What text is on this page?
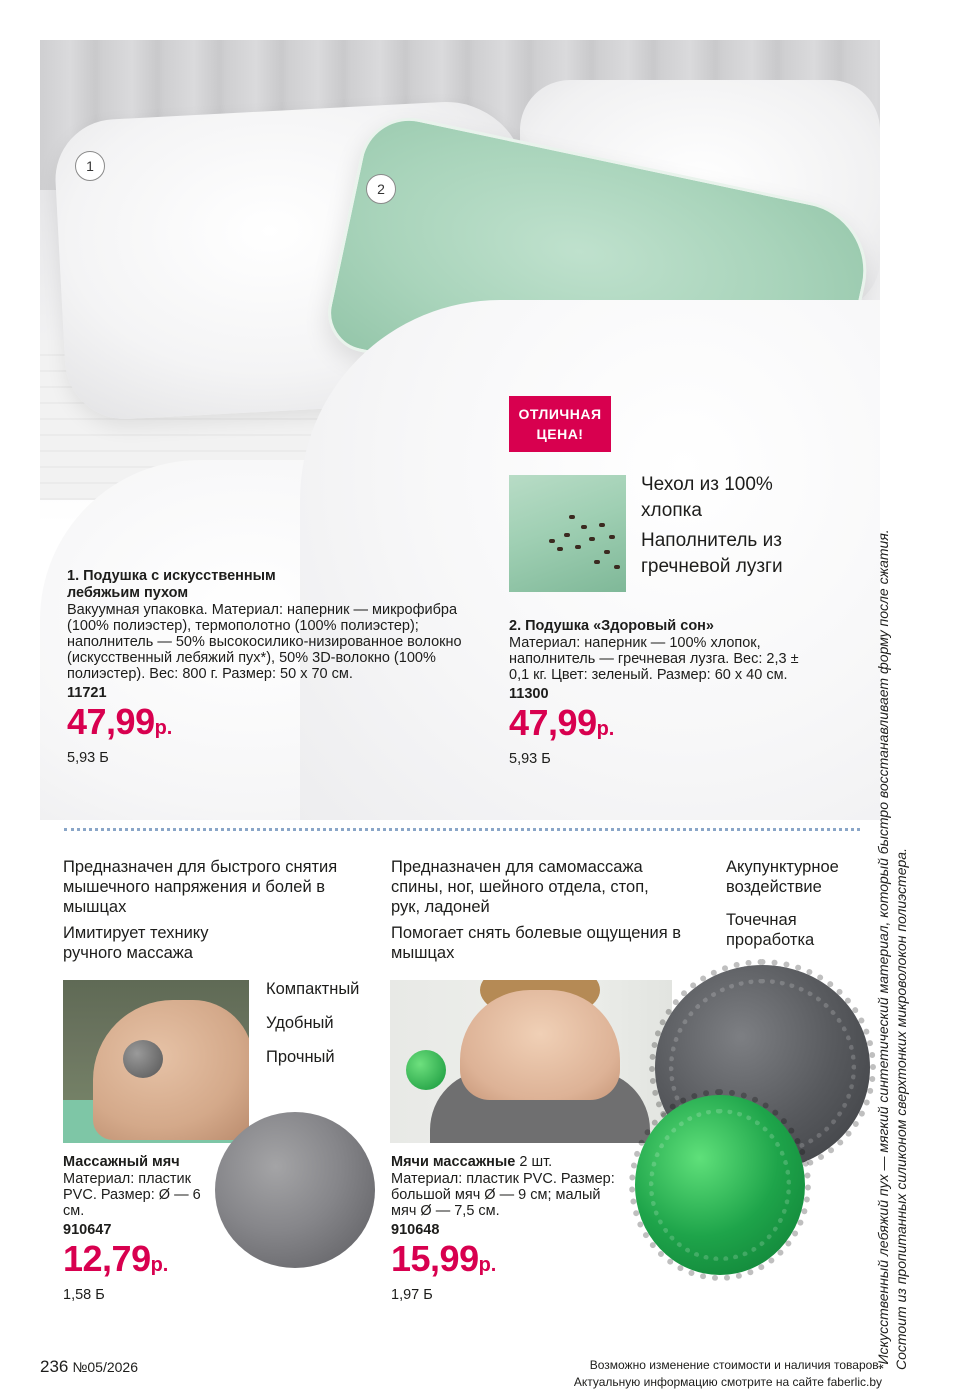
1
2
ОТЛИЧНАЯ ЦЕНА!
Чехол из 100% хлопка
Наполнитель из гречневой лузги
1. Подушка с искусственным лебяжьим пухом
Вакуумная упаковка. Материал: наперник — микрофибра (100% полиэстер), термополотно (100% полиэстер); наполнитель — 50% высокосилико-низированное волокно (искусственный лебяжий пух*), 50% 3D-волокно (100% полиэстер). Вес: 800 г. Размер: 50 х 70 см.
11721
47,99р.
5,93 Б
2. Подушка «Здоровый сон»
Материал: наперник — 100% хлопок, наполнитель — гречневая лузга. Вес: 2,3 ± 0,1 кг. Цвет: зеленый. Размер: 60 х 40 см.
11300
47,99р.
5,93 Б
Предназначен для быстрого снятия мышечного напряжения и болей в мышцах
Имитирует технику ручного массажа
Компактный
Удобный
Прочный
Предназначен для самомассажа спины, ног, шейного отдела, стоп, рук, ладоней
Помогает снять болевые ощущения в мышцах
Акупунктурное воздействие
Точечная проработка
Массажный мяч
Материал: пластик PVC. Размер: Ø — 6 см.
910647
12,79р.
1,58 Б
Мячи массажные 2 шт.
Материал: пластик PVC. Размер: большой мяч Ø — 9 см; малый мяч Ø — 7,5 см.
910648
15,99р.
1,97 Б	*Искусственный лебяжий пух — мягкий синтетический материал, который быстро восстанавливает форму после сжатия. Состоит из пропитанных силиконом сверхтонких микроволокон полиэстера.
236 №05/2026	Возможно изменение стоимости и наличия товаров.
Актуальную информацию смотрите на сайте faberlic.by
